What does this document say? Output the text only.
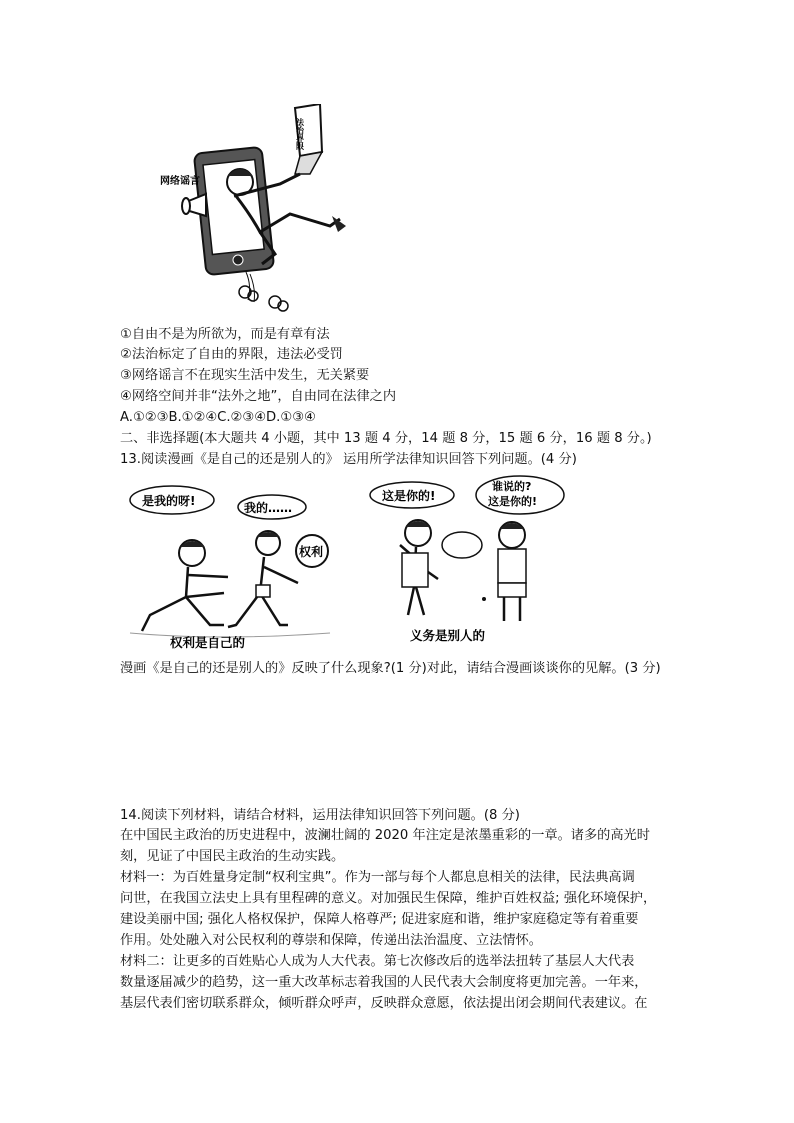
法治界限
网络谣言
①自由不是为所欲为，而是有章有法
②法治标定了自由的界限，违法必受罚
③网络谣言不在现实生活中发生，无关紧要
④网络空间并非“法外之地”，自由同在法律之内
A.①②③B.①②④C.②③④D.①③④
二、非选择题(本大题共 4 小题，其中 13 题 4 分，14 题 8 分，15 题 6 分，16 题 8 分。)
13.阅读漫画《是自己的还是别人的》 运用所学法律知识回答下列问题。(4 分)
是我的呀!	我的……
权利
权利是自己的
这是你的!
谁说的?
这是你的!
义务是别人的
漫画《是自己的还是别人的》反映了什么现象?(1 分)对此，请结合漫画谈谈你的见解。(3 分)
14.阅读下列材料，请结合材料，运用法律知识回答下列问题。(8 分)
在中国民主政治的历史进程中，波澜壮阔的 2020 年注定是浓墨重彩的一章。诸多的高光时
刻，见证了中国民主政治的生动实践。
材料一：为百姓量身定制“权利宝典”。作为一部与每个人都息息相关的法律，民法典高调
问世，在我国立法史上具有里程碑的意义。对加强民生保障，维护百姓权益; 强化环境保护，
建设美丽中国; 强化人格权保护，保障人格尊严; 促进家庭和谐，维护家庭稳定等有着重要
作用。处处融入对公民权利的尊崇和保障，传递出法治温度、立法情怀。
材料二：让更多的百姓贴心人成为人大代表。第七次修改后的选举法扭转了基层人大代表
数量逐届减少的趋势，这一重大改革标志着我国的人民代表大会制度将更加完善。一年来，
基层代表们密切联系群众，倾听群众呼声，反映群众意愿，依法提出闭会期间代表建议。在
